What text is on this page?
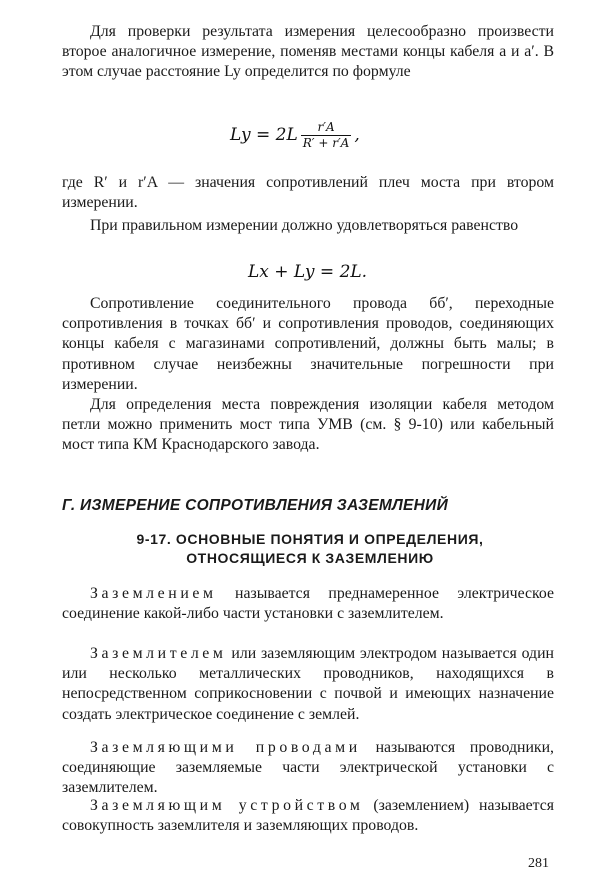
Для проверки результата измерения целесообразно произвести второе аналогичное измерение, поменяв местами концы кабеля a и a′. В этом случае расстояние Ly определится по формуле

$Ly = 2L \frac{r'A}{R' + r'A}$ ,

где R′ и r′A — значения сопротивлений плеч моста при втором измерении.

При правильном измерении должно удовлетворяться равенство

Lx + Ly = 2L.

Сопротивление соединительного провода бб′, переходные сопротивления в точках бб′ и сопротивления проводов, соединяющих концы кабеля с магазинами сопротивлений, должны быть малы; в противном случае неизбежны значительные погрешности при измерении.

Для определения места повреждения изоляции кабеля методом петли можно применить мост типа УМВ (см. § 9-10) или кабельный мост типа КМ Краснодарского завода.

Г. ИЗМЕРЕНИЕ СОПРОТИВЛЕНИЯ ЗАЗЕМЛЕНИЙ
9-17. ОСНОВНЫЕ ПОНЯТИЯ И ОПРЕДЕЛЕНИЯ,
ОТНОСЯЩИЕСЯ К ЗАЗЕМЛЕНИЮ

Заземлением называется преднамеренное электрическое соединение какой-либо части установки с заземлителем.

Заземлителем или заземляющим электродом называется один или несколько металлических проводников, находящихся в непосредственном соприкосновении с почвой и имеющих назначение создать электрическое соединение с землей.

Заземляющими проводами называются проводники, соединяющие заземляемые части электрической установки с заземлителем.

Заземляющим устройством (заземлением) называется совокупность заземлителя и заземляющих проводов.

281
